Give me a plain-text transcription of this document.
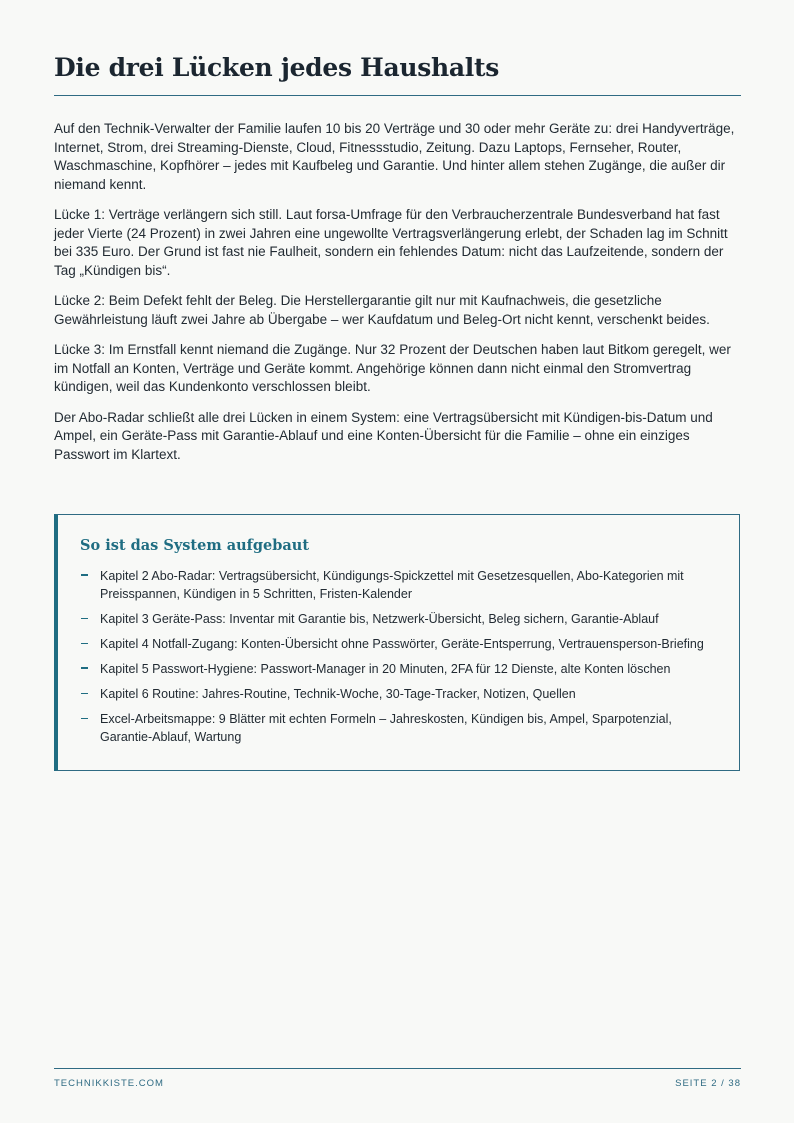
Die drei Lücken jedes Haushalts

Auf den Technik-Verwalter der Familie laufen 10 bis 20 Verträge und 30 oder mehr Geräte zu: drei Handyverträge, Internet, Strom, drei Streaming-Dienste, Cloud, Fitnessstudio, Zeitung. Dazu Laptops, Fernseher, Router, Waschmaschine, Kopfhörer – jedes mit Kaufbeleg und Garantie. Und hinter allem stehen Zugänge, die außer dir niemand kennt.

Lücke 1: Verträge verlängern sich still. Laut forsa-Umfrage für den Verbraucherzentrale Bundesverband hat fast jeder Vierte (24 Prozent) in zwei Jahren eine ungewollte Vertragsverlängerung erlebt, der Schaden lag im Schnitt bei 335 Euro. Der Grund ist fast nie Faulheit, sondern ein fehlendes Datum: nicht das Laufzeitende, sondern der Tag „Kündigen bis“.

Lücke 2: Beim Defekt fehlt der Beleg. Die Herstellergarantie gilt nur mit Kaufnachweis, die gesetzliche Gewährleistung läuft zwei Jahre ab Übergabe – wer Kaufdatum und Beleg-Ort nicht kennt, verschenkt beides.

Lücke 3: Im Ernstfall kennt niemand die Zugänge. Nur 32 Prozent der Deutschen haben laut Bitkom geregelt, wer im Notfall an Konten, Verträge und Geräte kommt. Angehörige können dann nicht einmal den Stromvertrag kündigen, weil das Kundenkonto verschlossen bleibt.

Der Abo-Radar schließt alle drei Lücken in einem System: eine Vertragsübersicht mit Kündigen-bis-Datum und Ampel, ein Geräte-Pass mit Garantie-Ablauf und eine Konten-Übersicht für die Familie – ohne ein einziges Passwort im Klartext.

So ist das System aufgebaut
Kapitel 2 Abo-Radar: Vertragsübersicht, Kündigungs-Spickzettel mit Gesetzesquellen, Abo-Kategorien mit Preisspannen, Kündigen in 5 Schritten, Fristen-Kalender
Kapitel 3 Geräte-Pass: Inventar mit Garantie bis, Netzwerk-Übersicht, Beleg sichern, Garantie-Ablauf
Kapitel 4 Notfall-Zugang: Konten-Übersicht ohne Passwörter, Geräte-Entsperrung, Vertrauensperson-Briefing
Kapitel 5 Passwort-Hygiene: Passwort-Manager in 20 Minuten, 2FA für 12 Dienste, alte Konten löschen
Kapitel 6 Routine: Jahres-Routine, Technik-Woche, 30-Tage-Tracker, Notizen, Quellen
Excel-Arbeitsmappe: 9 Blätter mit echten Formeln – Jahreskosten, Kündigen bis, Ampel, Sparpotenzial, Garantie-Ablauf, Wartung
TECHNIKKISTE.COM	SEITE 2 / 38
